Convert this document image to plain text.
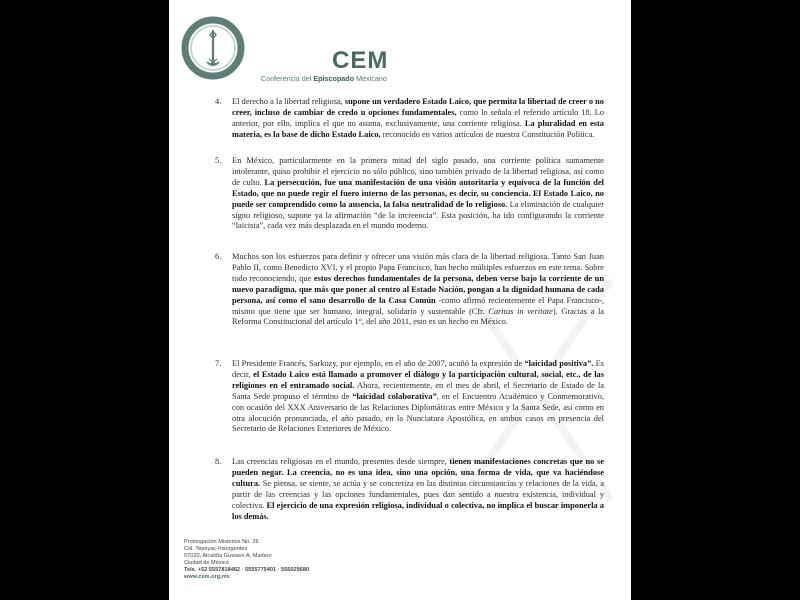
CEM
Conferencia del Episcopado Mexicano
4. El derecho a la libertad religiosa, supone un verdadero Estado Laico, que permita la libertad de creer o no creer, incluso de cambiar de credo u opciones fundamentales, como lo señala el referido artículo 18. Lo anterior, por ello, implica el que no asuma, exclusivamente, una corriente religiosa. La pluralidad en esta materia, es la base de dicho Estado Laico, reconocido en varios artículos de nuestra Constitución Política.
5. En México, particularmente en la primera mitad del siglo pasado, una corriente política sumamente intolerante, quiso prohibir el ejercicio no sólo público, sino también privado de la libertad religiosa, así como de culto. La persecución, fue una manifestación de una visión autoritaria y equívoca de la función del Estado, que no puede regir el fuero interno de las personas, es decir, su conciencia. El Estado Laico, no puede ser comprendido como la ausencia, la falsa neutralidad de lo religioso. La eliminación de cualquier signo religioso, supone ya la afirmación “de la increencia”. Esta posición, ha ido configurando la corriente “laicista”, cada vez más desplazada en el mundo moderno.
6. Muchos son los esfuerzos para definir y ofrecer una visión más clara de la libertad religiosa. Tanto San Juan Pablo II, como Benedicto XVI, y el propio Papa Francisco, han hecho múltiples esfuerzos en este tema. Sobre todo reconociendo, que estos derechos fundamentales de la persona, deben verse bajo la corriente de un nuevo paradigma, que más que poner al centro al Estado Nación, pongan a la dignidad humana de cada persona, así como el sano desarrollo de la Casa Común -como afirmó recientemente el Papa Francisco-, mismo que tiene que ser humano, integral, solidario y sustentable (Cfr. Caritas in veritate). Gracias a la Reforma Constitucional del artículo 1°, del año 2011, esto es un hecho en México.
7. El Presidente Francés, Sarkozy, por ejemplo, en el año de 2007, acuñó la expresión de “laicidad positiva”. Es decir, el Estado Laico está llamado a promover el diálogo y la participación cultural, social, etc., de las religiones en el entramado social. Ahora, recientemente, en el mes de abril, el Secretario de Estado de la Santa Sede propuso el término de “laicidad colaborativa”, en el Encuentro Académico y Conmemorativo, con ocasión del XXX Aniversario de las Relaciones Diplomáticas entre México y la Santa Sede, así como en otra alocución pronunciada, el año pasado, en la Nunciatura Apostólica, en ambos casos en presencia del Secretario de Relaciones Exteriores de México.
8. Las creencias religiosas en el mundo, presentes desde siempre, tienen manifestaciones concretas que no se pueden negar. La creencia, no es una idea, sino una opción, una forma de vida, que va haciéndose cultura. Se piensa, se siente, se actúa y se concretiza en las distintas circunstancias y relaciones de la vida, a partir de las creencias y las opciones fundamentales, pues dan sentido a nuestra existencia, individual y colectiva. El ejercicio de una expresión religiosa, individual o colectiva, no implica el buscar imponerla a los demás.
Prolongación Misterios No. 26
Col. Tepeyac-Insurgentes
07020, Alcaldía Gustavo A. Madero
Ciudad de México
Tels. +52 5557818462 · 5555775401 · 555029680
www.cem.org.mx
